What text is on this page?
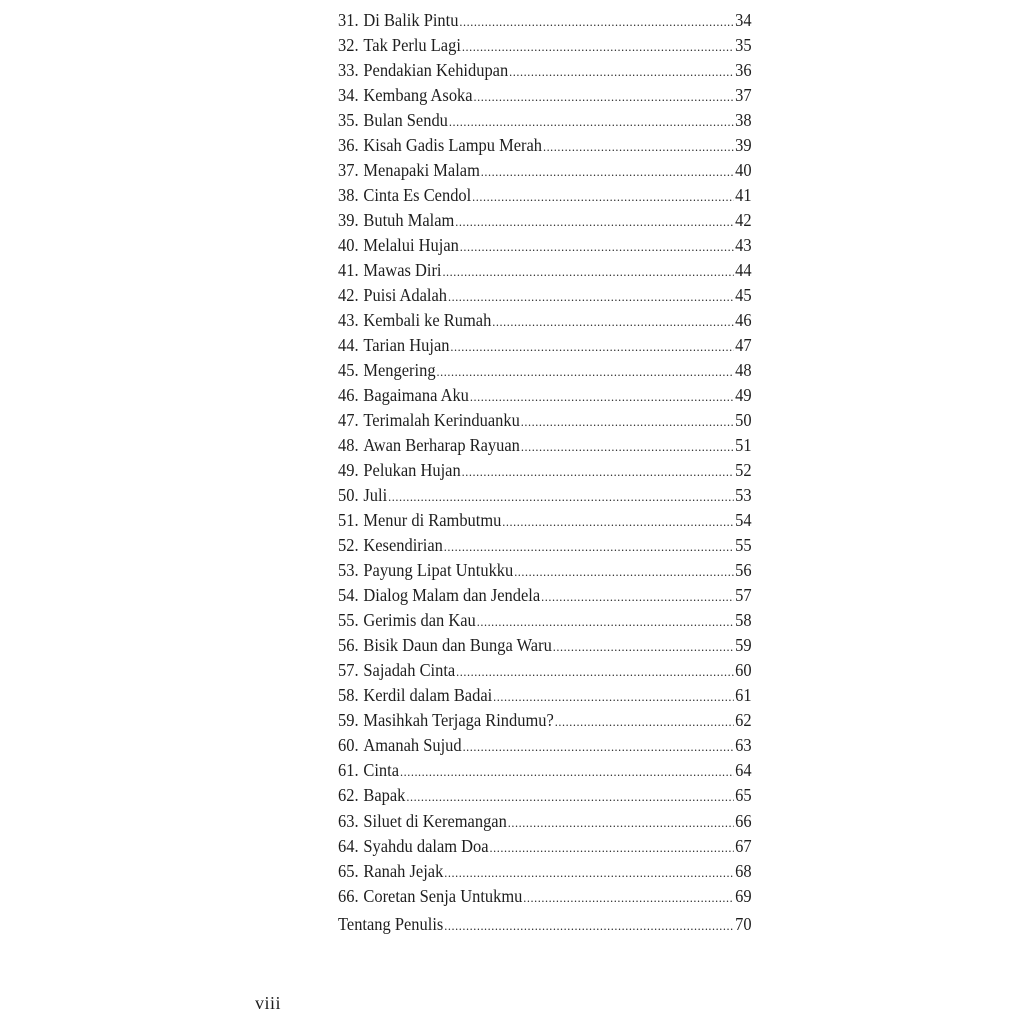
31. Di Balik Pintu .....	34
32. Tak Perlu Lagi .....	35
33. Pendakian Kehidupan .....	36
34. Kembang Asoka .....	37
35. Bulan Sendu .....	38
36. Kisah Gadis Lampu Merah .....	39
37. Menapaki Malam .....	40
38. Cinta Es Cendol .....	41
39. Butuh Malam .....	42
40. Melalui Hujan .....	43
41. Mawas Diri .....	44
42. Puisi Adalah .....	45
43. Kembali ke Rumah .....	46
44. Tarian Hujan .....	47
45. Mengering .....	48
46. Bagaimana Aku .....	49
47. Terimalah Kerinduanku .....	50
48. Awan Berharap Rayuan .....	51
49. Pelukan Hujan .....	52
50. Juli .....	53
51. Menur di Rambutmu .....	54
52. Kesendirian .....	55
53. Payung Lipat Untukku .....	56
54. Dialog Malam dan Jendela .....	57
55. Gerimis dan Kau .....	58
56. Bisik Daun dan Bunga Waru .....	59
57. Sajadah Cinta .....	60
58. Kerdil dalam Badai .....	61
59. Masihkah Terjaga Rindumu? .....	62
60. Amanah Sujud .....	63
61. Cinta .....	64
62. Bapak .....	65
63. Siluet di Keremangan .....	66
64. Syahdu dalam Doa .....	67
65. Ranah Jejak .....	68
66. Coretan Senja Untukmu .....	69
Tentang Penulis .....	70
viii
